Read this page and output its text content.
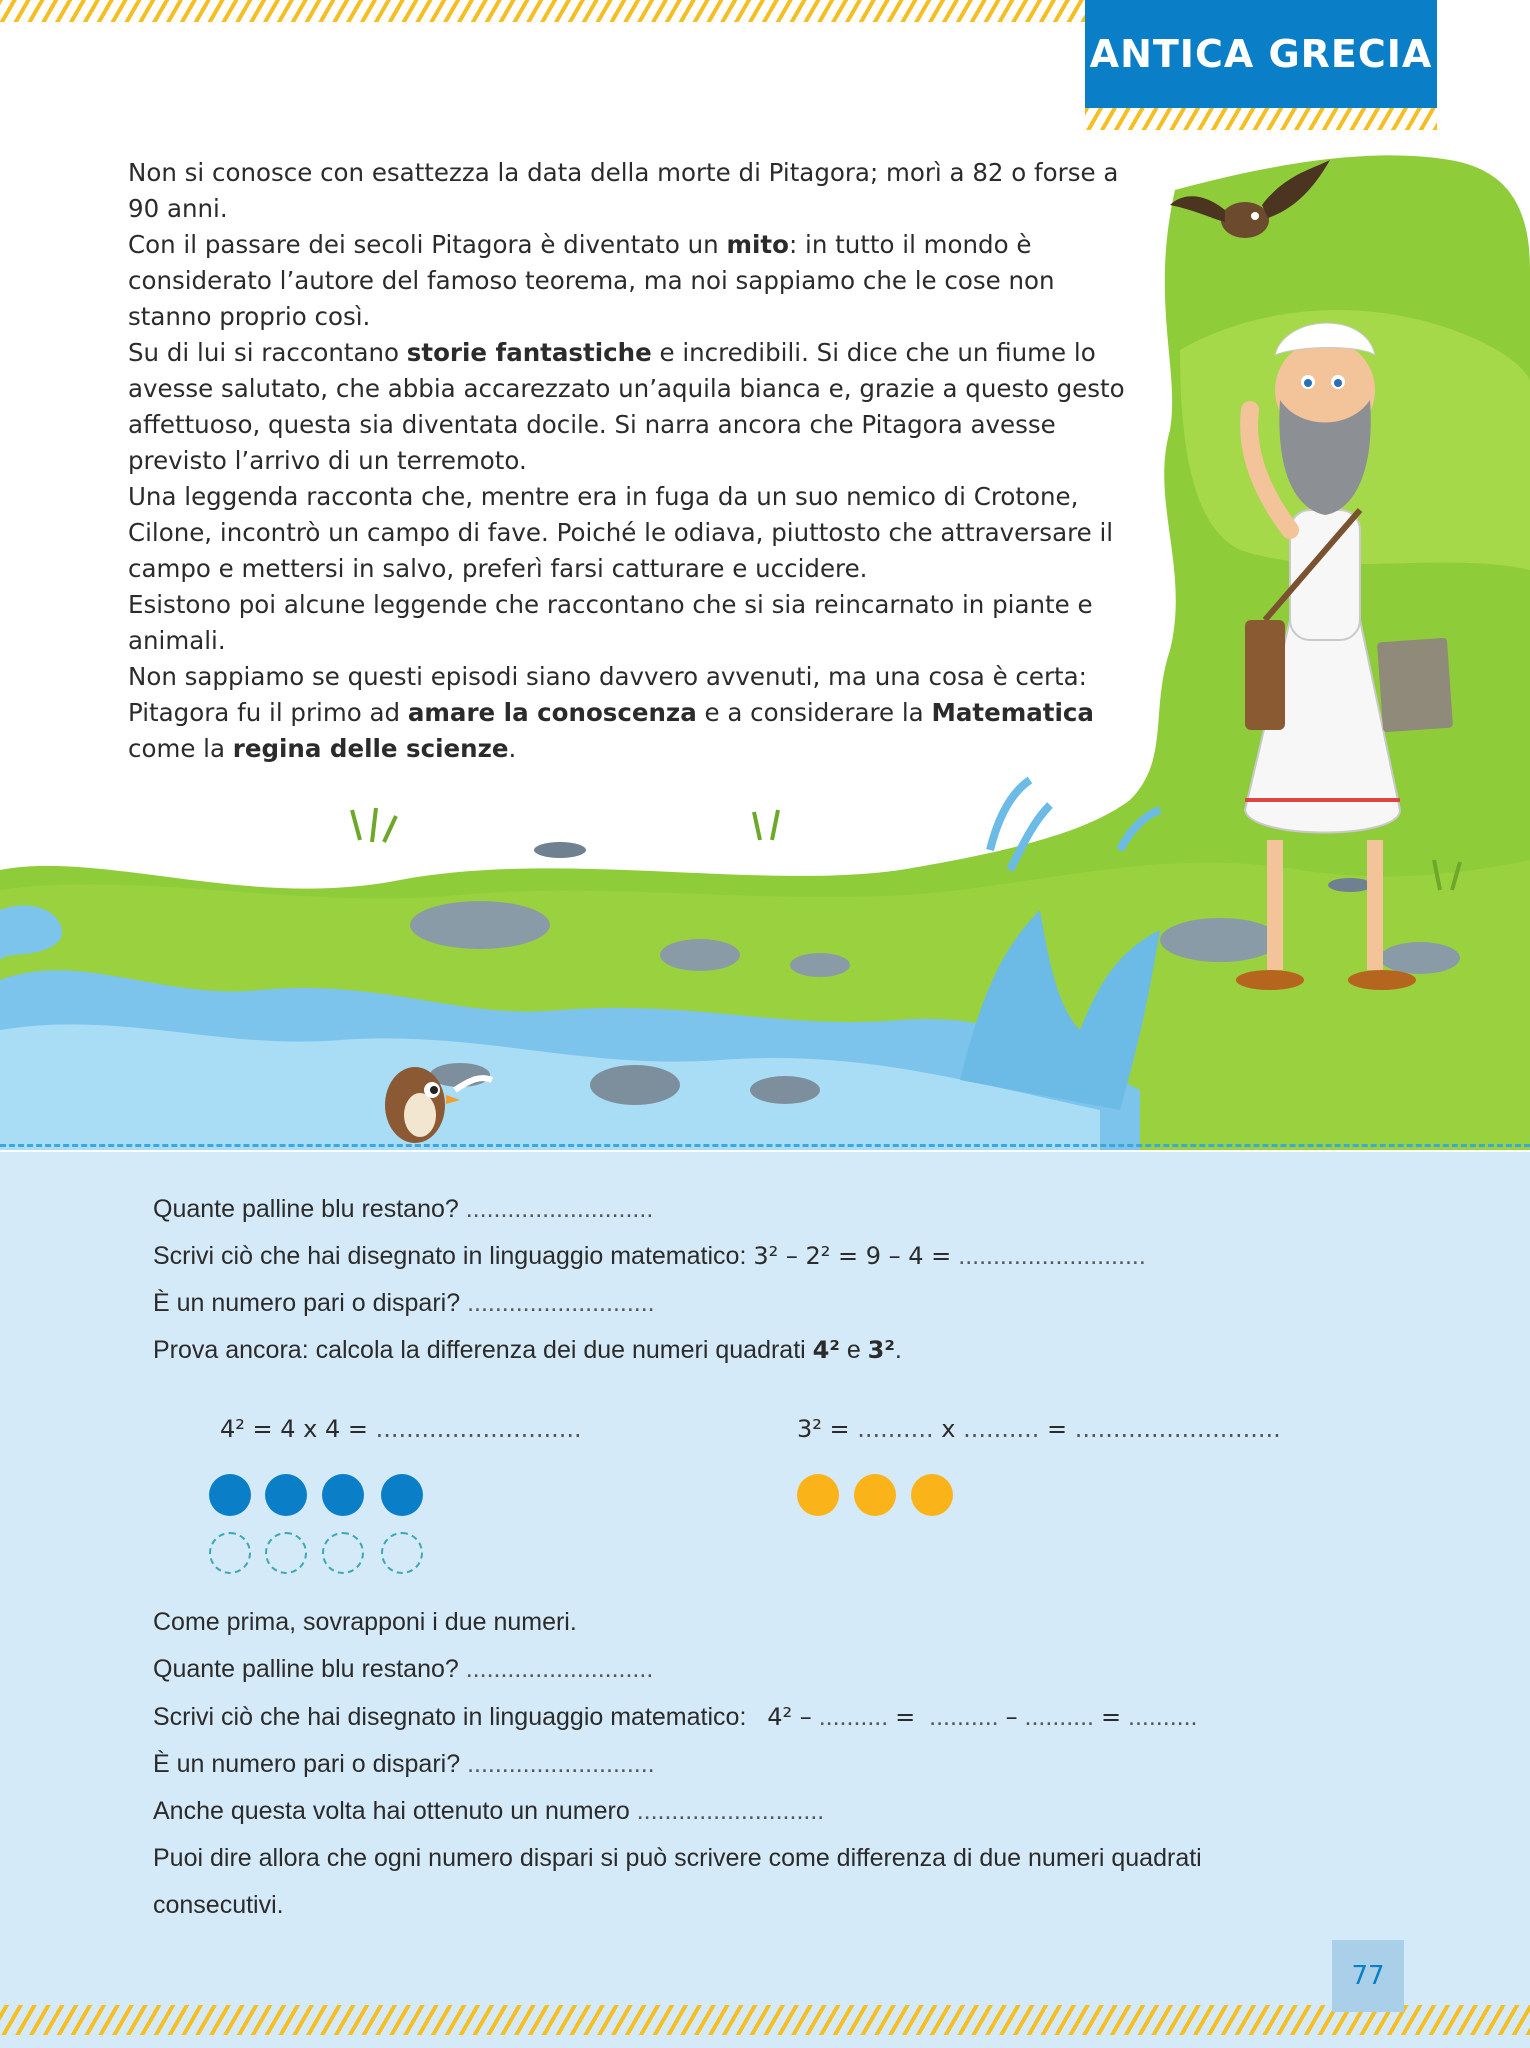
ANTICA GRECIA

Non si conosce con esattezza la data della morte di Pitagora; morì a 82 o forse a 90 anni.

Con il passare dei secoli Pitagora è diventato un mito: in tutto il mondo è considerato l’autore del famoso teorema, ma noi sappiamo che le cose non stanno proprio così.

Su di lui si raccontano storie fantastiche e incredibili. Si dice che un fiume lo avesse salutato, che abbia accarezzato un’aquila bianca e, grazie a questo gesto affettuoso, questa sia diventata docile. Si narra ancora che Pitagora avesse previsto l’arrivo di un terremoto.

Una leggenda racconta che, mentre era in fuga da un suo nemico di Crotone, Cilone, incontrò un campo di fave. Poiché le odiava, piuttosto che attraversare il campo e mettersi in salvo, preferì farsi catturare e uccidere.

Esistono poi alcune leggende che raccontano che si sia reincarnato in piante e animali.

Non sappiamo se questi episodi siano davvero avvenuti, ma una cosa è certa: Pitagora fu il primo ad amare la conoscenza e a considerare la Matematica come la regina delle scienze.

Quante palline blu restano? ...........................
Scrivi ciò che hai disegnato in linguaggio matematico: 3² – 2² = 9 – 4 = ...........................
È un numero pari o dispari? ...........................
Prova ancora: calcola la differenza dei due numeri quadrati 4² e 3².
4² = 4 x 4 = ...........................	3² = .......... x .......... = ...........................
Come prima, sovrapponi i due numeri.
Quante palline blu restano? ...........................
Scrivi ciò che hai disegnato in linguaggio matematico: 4² – .......... = .......... – .......... = ..........
È un numero pari o dispari? ...........................
Anche questa volta hai ottenuto un numero ...........................
Puoi dire allora che ogni numero dispari si può scrivere come differenza di due numeri quadrati
consecutivi.
77
